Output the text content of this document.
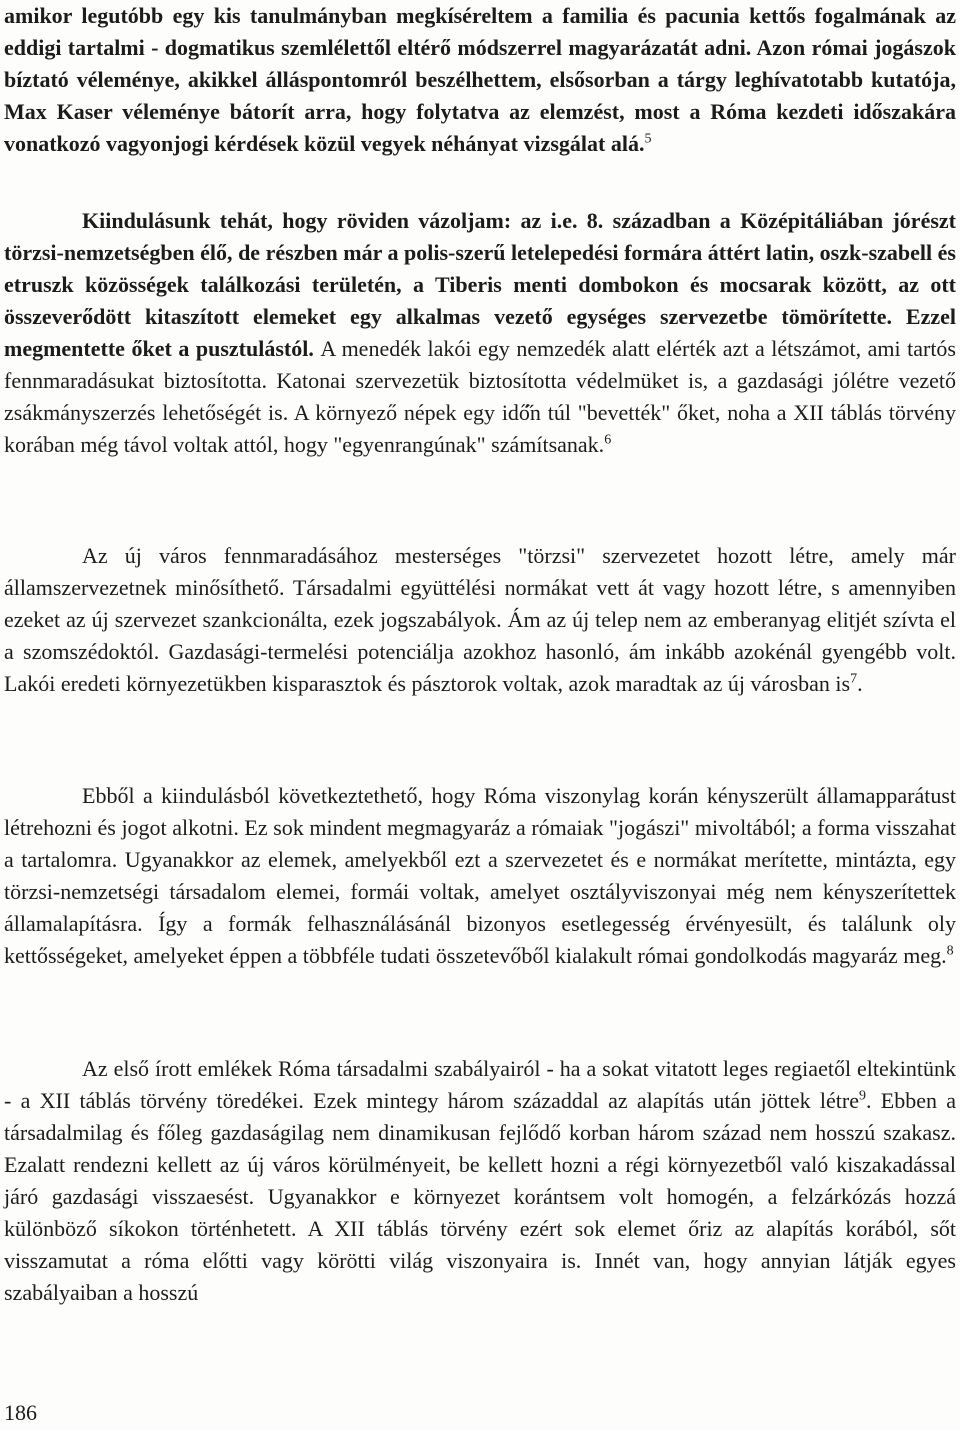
amikor legutóbb egy kis tanulmányban megkíséreltem a familia és pacunia kettős fogalmának az eddigi tartalmi - dogmatikus szemlélettől eltérő módszerrel magyarázatát adni. Azon római jogászok bíztató véleménye, akikkel álláspontomról beszélhettem, elsősorban a tárgy leghívatotabb kutatója, Max Kaser véleménye bátorít arra, hogy folytatva az elemzést, most a Róma kezdeti időszakára vonatkozó vagyonjogi kérdések közül vegyek néhányat vizsgálat alá.$^5$

Kiindulásunk tehát, hogy röviden vázoljam: az i.e. 8. században a Középitáliában jórészt törzsi-nemzetségben élő, de részben már a polis-szerű letelepedési formára áttért latin, oszk-szabell és etruszk közösségek találkozási területén, a Tiberis menti dombokon és mocsarak között, az ott összeverődött kitaszított elemeket egy alkalmas vezető egységes szervezetbe tömörítette. Ezzel megmentette őket a pusztulástól. A menedék lakói egy nemzedék alatt elérték azt a létszámot, ami tartós fennmaradásukat biztosította. Katonai szervezetük biztosította védelmüket is, a gazdasági jólétre vezető zsákmányszerzés lehetőségét is. A környező népek egy idő̋n túl "bevették" őket, noha a XII táblás törvény korában még távol voltak attól, hogy "egyenrangúnak" számítsanak.$^6$

Az új város fennmaradásához mesterséges "törzsi" szervezetet hozott létre, amely már államszervezetnek minősíthető. Társadalmi együttélési normákat vett át vagy hozott létre, s amennyiben ezeket az új szervezet szankcionálta, ezek jogszabályok. Ám az új telep nem az emberanyag elitjét szívta el a szomszédoktól. Gazdasági-termelési potenciálja azokhoz hasonló, ám inkább azokénál gyengébb volt. Lakói eredeti környezetükben kisparasztok és pásztorok voltak, azok maradtak az új városban is$^7$.

Ebből a kiindulásból következtethető, hogy Róma viszonylag korán kényszerült államapparátust létrehozni és jogot alkotni. Ez sok mindent megmagyaráz a rómaiak "jogászi" mivoltából; a forma visszahat a tartalomra. Ugyanakkor az elemek, amelyekből ezt a szervezetet és e normákat merítette, mintázta, egy törzsi-nemzetségi társadalom elemei, formái voltak, amelyet osztályviszonyai még nem kényszerítettek államalapításra. Így a formák felhasználásánál bizonyos esetlegesség érvényesült, és találunk oly kettősségeket, amelyeket éppen a többféle tudati összetevőből kialakult római gondolkodás magyaráz meg.$^8$

Az első írott emlékek Róma társadalmi szabályairól - ha a sokat vitatott leges regiaetől eltekintünk - a XII táblás törvény töredékei. Ezek mintegy három századdal az alapítás után jöttek létre$^9$. Ebben a társadalmilag és főleg gazdaságilag nem dinamikusan fejlődő korban három század nem hosszú szakasz. Ezalatt rendezni kellett az új város körülményeit, be kellett hozni a régi környezetből való kiszakadással járó gazdasági visszaesést. Ugyanakkor e környezet korántsem volt homogén, a felzárkózás hozzá különböző síkokon történhetett. A XII táblás törvény ezért sok elemet őriz az alapítás korából, sőt visszamutat a róma előtti vagy körötti világ viszonyaira is. Innét van, hogy annyian látják egyes szabályaiban a hosszú

186
